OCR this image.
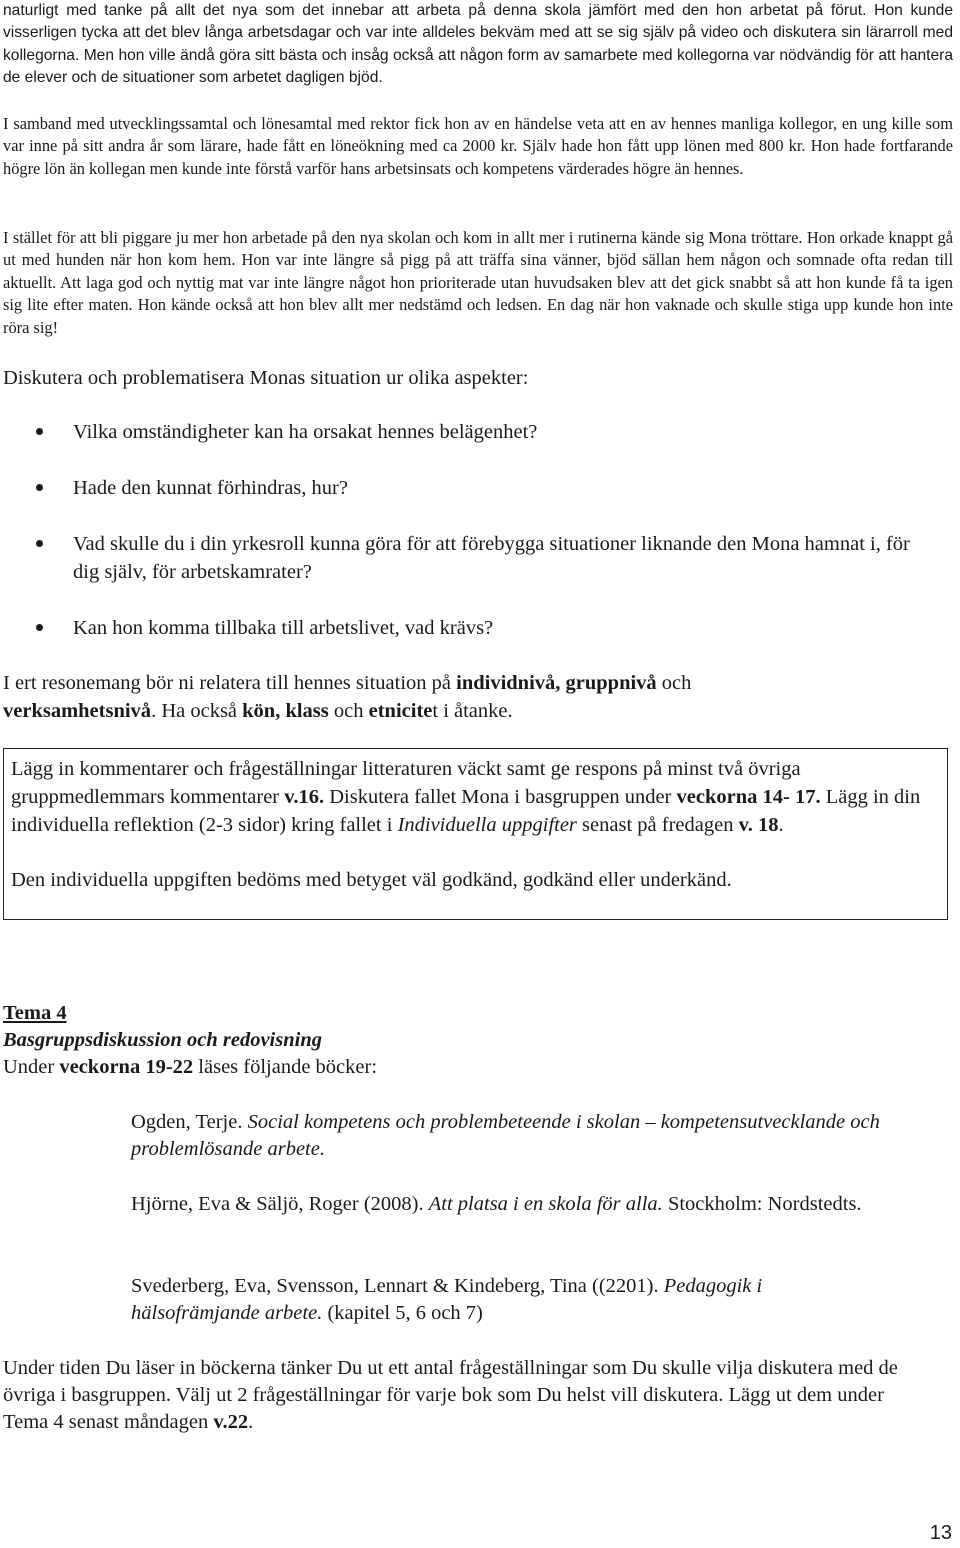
naturligt med tanke på allt det nya som det innebar att arbeta på denna skola jämfört med den hon arbetat på förut. Hon kunde visserligen tycka att det blev långa arbetsdagar och var inte alldeles bekväm med att se sig själv på video och diskutera sin lärarroll med kollegorna. Men hon ville ändå göra sitt bästa och insåg också att någon form av samarbete med kollegorna var nödvändig för att hantera de elever och de situationer som arbetet dagligen bjöd.

I samband med utvecklingssamtal och lönesamtal med rektor fick hon av en händelse veta att en av hennes manliga kollegor, en ung kille som var inne på sitt andra år som lärare, hade fått en löneökning med ca 2000 kr. Själv hade hon fått upp lönen med 800 kr. Hon hade fortfarande högre lön än kollegan men kunde inte förstå varför hans arbetsinsats och kompetens värderades högre än hennes.

I stället för att bli piggare ju mer hon arbetade på den nya skolan och kom in allt mer i rutinerna kände sig Mona tröttare. Hon orkade knappt gå ut med hunden när hon kom hem. Hon var inte längre så pigg på att träffa sina vänner, bjöd sällan hem någon och somnade ofta redan till aktuellt. Att laga god och nyttig mat var inte längre något hon prioriterade utan huvudsaken blev att det gick snabbt så att hon kunde få ta igen sig lite efter maten. Hon kände också att hon blev allt mer nedstämd och ledsen. En dag när hon vaknade och skulle stiga upp kunde hon inte röra sig!

Diskutera och problematisera Monas situation ur olika aspekter:

Vilka omständigheter kan ha orsakat hennes belägenhet?
Hade den kunnat förhindras, hur?
Vad skulle du i din yrkesroll kunna göra för att förebygga situationer liknande den Mona hamnat i, för dig själv, för arbetskamrater?
Kan hon komma tillbaka till arbetslivet, vad krävs?

I ert resonemang bör ni relatera till hennes situation på individnivå, gruppnivå och verksamhetsnivå. Ha också kön, klass och etnicitet i åtanke.

Lägg in kommentarer och frågeställningar litteraturen väckt samt ge respons på minst två övriga gruppmedlemmars kommentarer v.16. Diskutera fallet Mona i basgruppen under veckorna 14- 17. Lägg in din individuella reflektion (2-3 sidor) kring fallet i Individuella uppgifter senast på fredagen v. 18.

Den individuella uppgiften bedöms med betyget väl godkänd, godkänd eller underkänd.

Tema 4

Basgruppsdiskussion och redovisning

Under veckorna 19-22 läses följande böcker:

Ogden, Terje. Social kompetens och problembeteende i skolan – kompetensutvecklande och problemlösande arbete.

Hjörne, Eva & Säljö, Roger (2008). Att platsa i en skola för alla. Stockholm: Nordstedts.

Svederberg, Eva, Svensson, Lennart & Kindeberg, Tina ((2201). Pedagogik i hälsofrämjande arbete. (kapitel 5, 6 och 7)

Under tiden Du läser in böckerna tänker Du ut ett antal frågeställningar som Du skulle vilja diskutera med de övriga i basgruppen. Välj ut 2 frågeställningar för varje bok som Du helst vill diskutera. Lägg ut dem under Tema 4 senast måndagen v.22.

13
